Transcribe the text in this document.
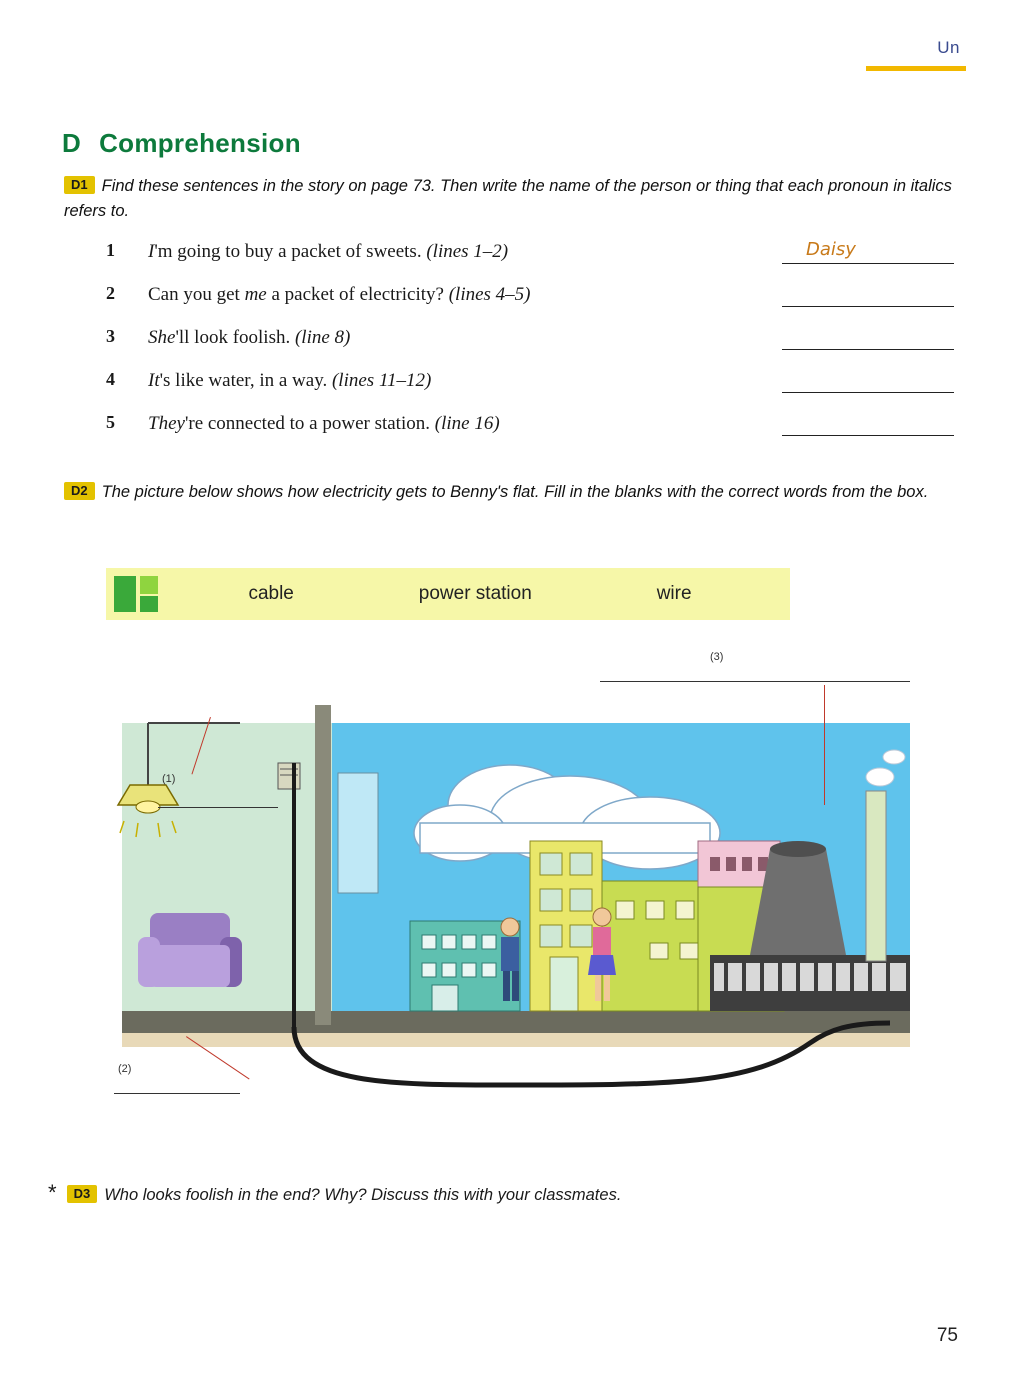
Un
D Comprehension
D1 Find these sentences in the story on page 73. Then write the name of the person or thing that each pronoun in italics refers to.
1	I'm going to buy a packet of sweets. (lines 1–2)	Daisy
2	Can you get me a packet of electricity? (lines 4–5)
3	She'll look foolish. (line 8)
4	It's like water, in a way. (lines 11–12)
5	They're connected to a power station. (line 16)
D2 The picture below shows how electricity gets to Benny's flat. Fill in the blanks with the correct words from the box.
cable	power station	wire
(1)
(2)
(3)
* D3 Who looks foolish in the end? Why? Discuss this with your classmates.
75
